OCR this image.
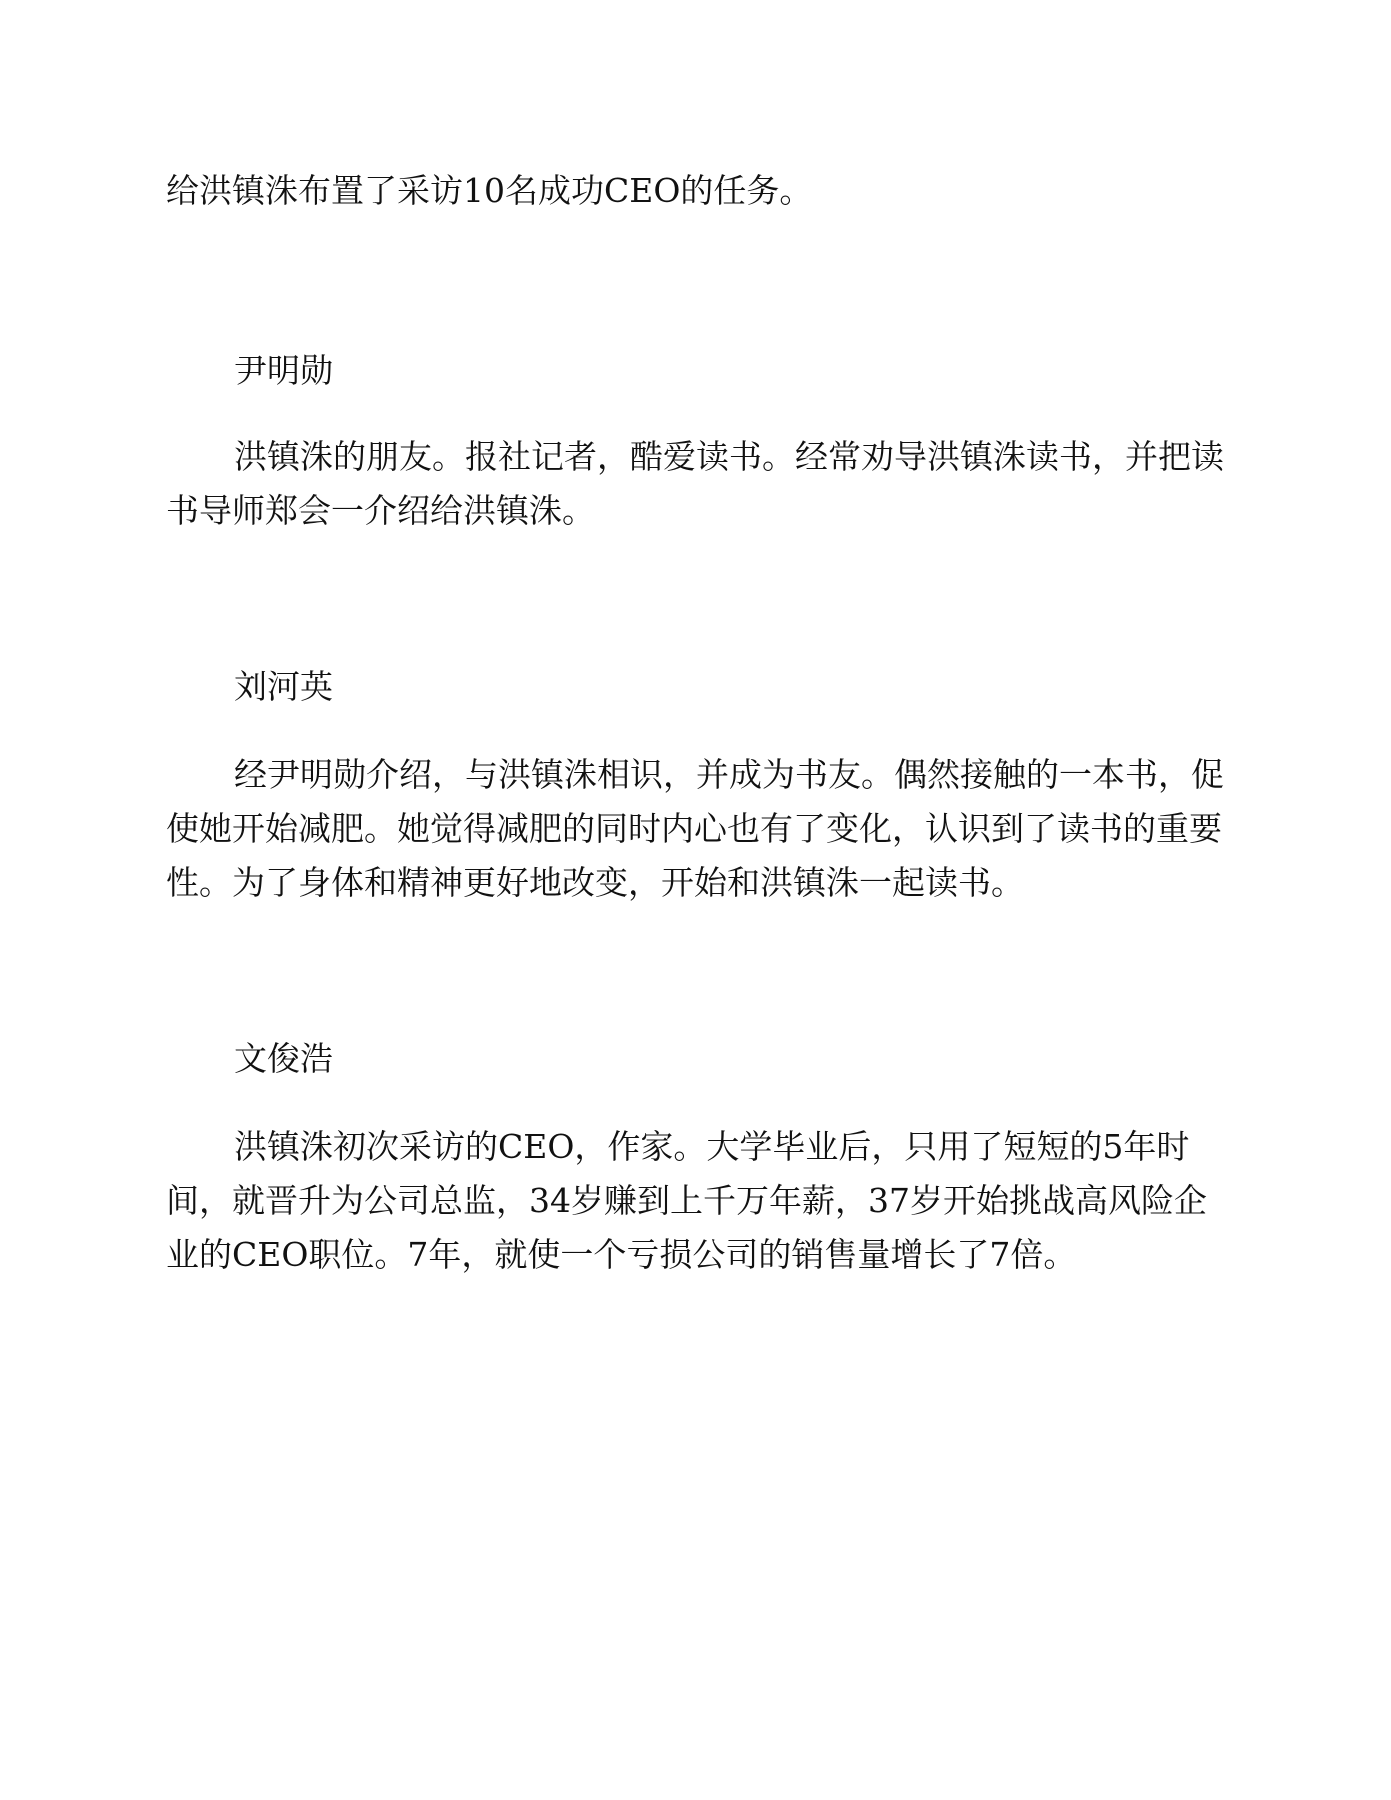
给洪镇洙布置了采访10名成功CEO的任务。

尹明勋

洪镇洙的朋友。报社记者，酷爱读书。经常劝导洪镇洙读书，并把读书导师郑会一介绍给洪镇洙。

刘河英

经尹明勋介绍，与洪镇洙相识，并成为书友。偶然接触的一本书，促使她开始减肥。她觉得减肥的同时内心也有了变化，认识到了读书的重要性。为了身体和精神更好地改变，开始和洪镇洙一起读书。

文俊浩

洪镇洙初次采访的CEO，作家。大学毕业后，只用了短短的5年时间，就晋升为公司总监，34岁赚到上千万年薪，37岁开始挑战高风险企业的CEO职位。7年，就使一个亏损公司的销售量增长了7倍。
